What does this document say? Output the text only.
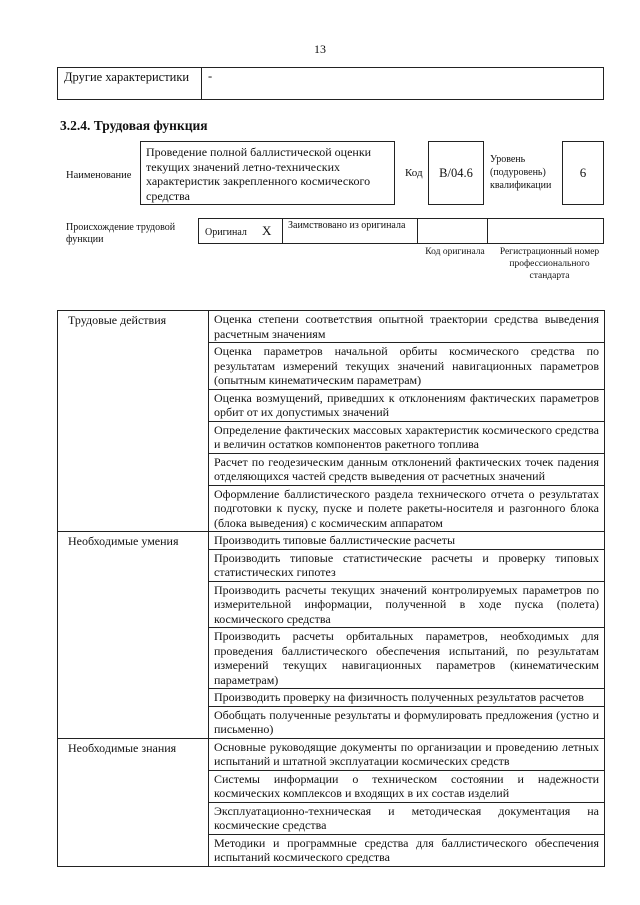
13
Другие характеристики	-
3.2.4. Трудовая функция
Наименование
Проведение полной баллистической оценки текущих значений летно-технических характеристик закрепленного космического средства
Код	B/04.6
Уровень (подуровень) квалификации
6
Происхождение трудовой функции
Оригинал X Заимствовано из оригинала
Код оригинала Регистрационный номер профессионального стандарта
Трудовые действия	Оценка степени соответствия опытной траектории средства выведения расчетным значениям
	Оценка параметров начальной орбиты космического средства по результатам измерений текущих значений навигационных параметров (опытным кинематическим параметрам)
	Оценка возмущений, приведших к отклонениям фактических параметров орбит от их допустимых значений
	Определение фактических массовых характеристик космического средства и величин остатков компонентов ракетного топлива
	Расчет по геодезическим данным отклонений фактических точек падения отделяющихся частей средств выведения от расчетных значений
	Оформление баллистического раздела технического отчета о результатах подготовки к пуску, пуске и полете ракеты-носителя и разгонного блока (блока выведения) с космическим аппаратом
Необходимые умения	Производить типовые баллистические расчеты
	Производить типовые статистические расчеты и проверку типовых статистических гипотез
	Производить расчеты текущих значений контролируемых параметров по измерительной информации, полученной в ходе пуска (полета) космического средства
	Производить расчеты орбитальных параметров, необходимых для проведения баллистического обеспечения испытаний, по результатам измерений текущих навигационных параметров (кинематическим параметрам)
	Производить проверку на физичность полученных результатов расчетов
	Обобщать полученные результаты и формулировать предложения (устно и письменно)
Необходимые знания	Основные руководящие документы по организации и проведению летных испытаний и штатной эксплуатации космических средств
	Системы информации о техническом состоянии и надежности космических комплексов и входящих в их состав изделий
	Эксплуатационно-техническая и методическая документация на космические средства
	Методики и программные средства для баллистического обеспечения испытаний космического средства
